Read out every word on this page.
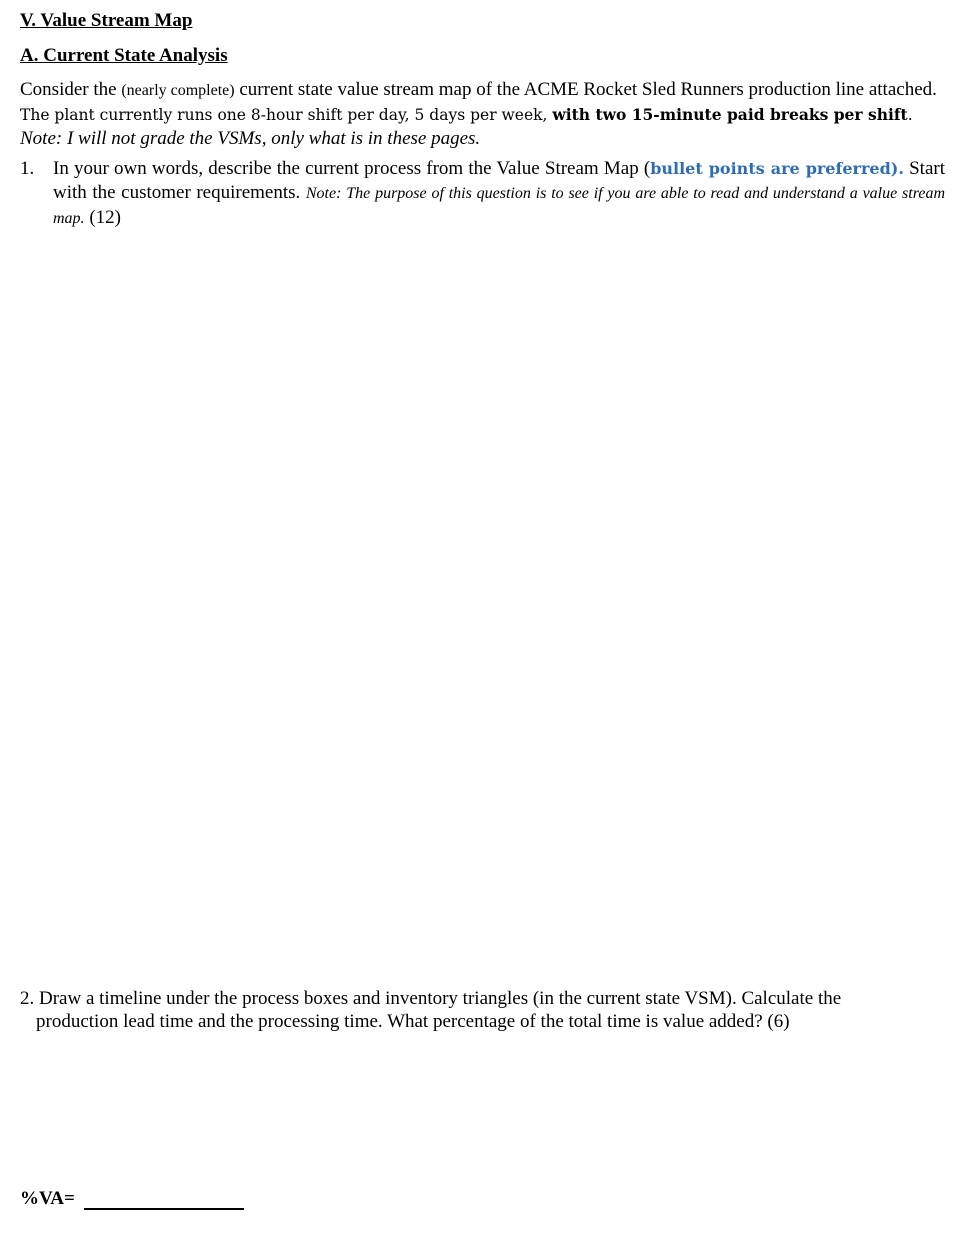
V. Value Stream Map
A. Current State Analysis
Consider the (nearly complete) current state value stream map of the ACME Rocket Sled Runners production line attached. The plant currently runs one 8-hour shift per day, 5 days per week, with two 15-minute paid breaks per shift.
Note: I will not grade the VSMs, only what is in these pages.
1. In your own words, describe the current process from the Value Stream Map (bullet points are preferred). Start with the customer requirements. Note: The purpose of this question is to see if you are able to read and understand a value stream map. (12)
2. Draw a timeline under the process boxes and inventory triangles (in the current state VSM). Calculate the production lead time and the processing time. What percentage of the total time is value added? (6)
%VA=
